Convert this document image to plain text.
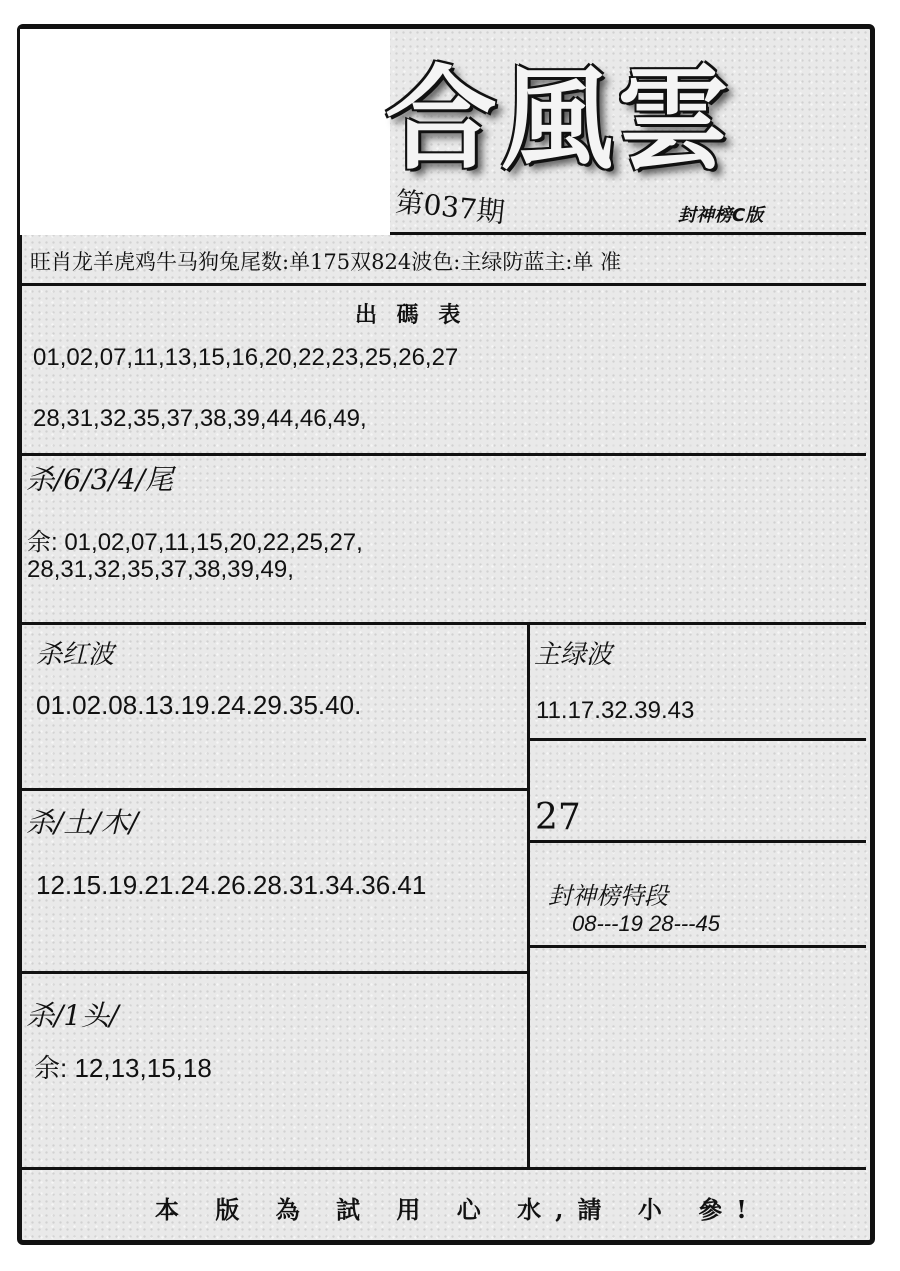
合風雲
第037期	封神榜C版
旺肖龙羊虎鸡牛马狗兔尾数:单175双824波色:主绿防蓝主:单 准
出 碼 表
01,02,07,11,13,15,16,20,22,23,25,26,27
28,31,32,35,37,38,39,44,46,49,
杀/6/3/4/尾
余: 01,02,07,11,15,20,22,25,27,
28,31,32,35,37,38,39,49,
杀红波
01.02.08.13.19.24.29.35.40.
主绿波
11.17.32.39.43
杀/土/木/
12.15.19.21.24.26.28.31.34.36.41
27
封神榜特段
08---19 28---45
杀/1头/
余: 12,13,15,18
本 版 為 試 用 心 水,請 小 參!
